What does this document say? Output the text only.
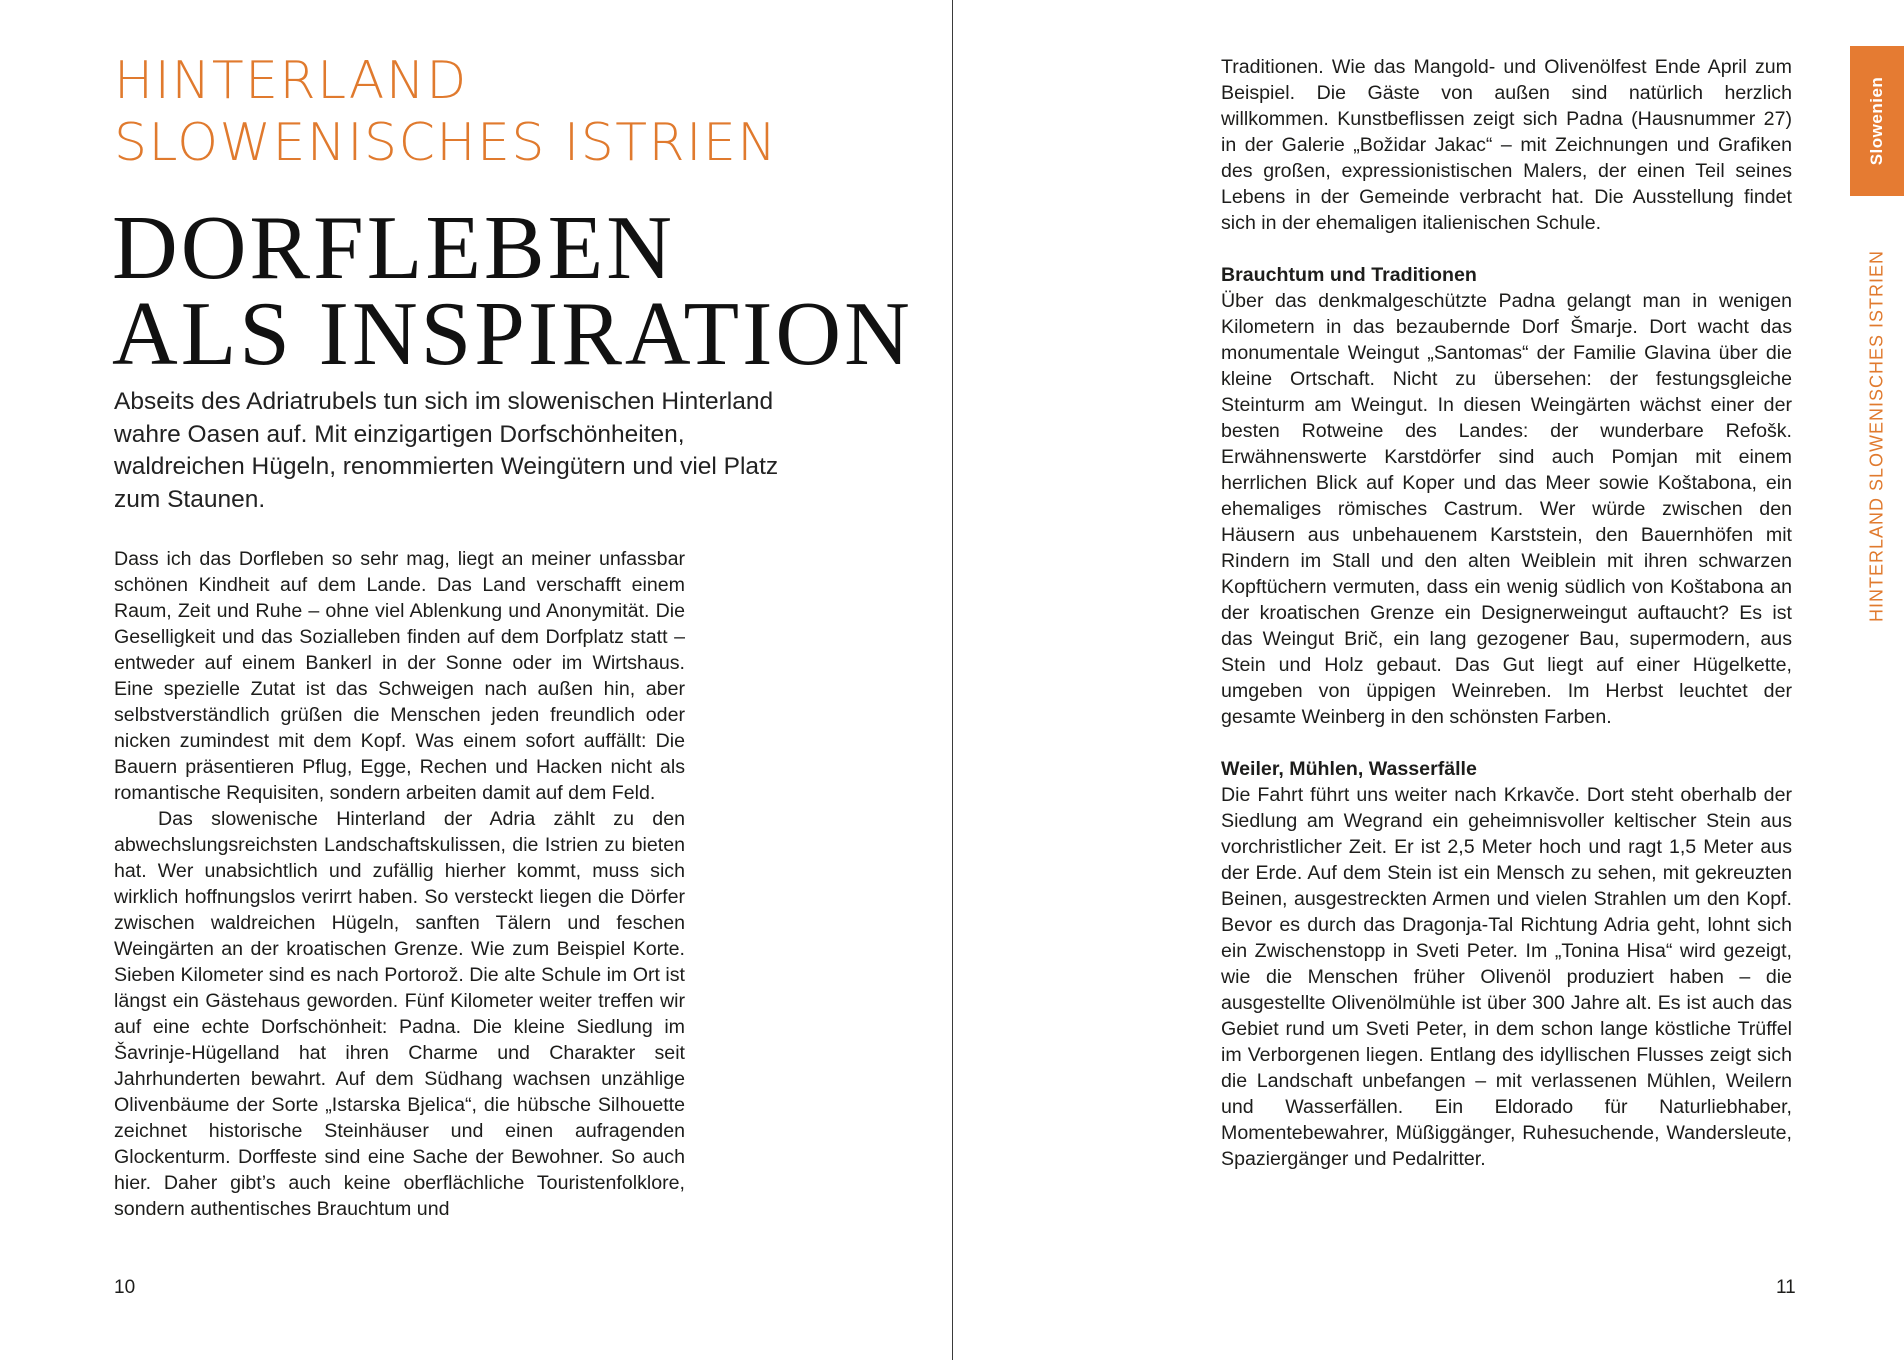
HINTERLAND
SLOWENISCHES ISTRIEN
DORFLEBEN
ALS INSPIRATION

Abseits des Adriatrubels tun sich im slowenischen Hinterland wahre Oasen auf. Mit einzigartigen Dorfschönheiten, waldreichen Hügeln, renommierten Weingütern und viel Platz zum Staunen.

Dass ich das Dorfleben so sehr mag, liegt an meiner unfassbar schönen Kindheit auf dem Lande. Das Land verschafft einem Raum, Zeit und Ruhe – ohne viel Ablenkung und Anonymität. Die Geselligkeit und das Sozialleben finden auf dem Dorfplatz statt – entweder auf einem Bankerl in der Sonne oder im Wirtshaus. Eine spezielle Zutat ist das Schweigen nach außen hin, aber selbstverständlich grüßen die Menschen jeden freundlich oder nicken zumindest mit dem Kopf. Was einem sofort auffällt: Die Bauern präsentieren Pflug, Egge, Rechen und Hacken nicht als romantische Requisiten, sondern arbeiten damit auf dem Feld.

Das slowenische Hinterland der Adria zählt zu den abwechslungsreichsten Landschaftskulissen, die Istrien zu bieten hat. Wer unabsichtlich und zufällig hierher kommt, muss sich wirklich hoffnungslos verirrt haben. So versteckt liegen die Dörfer zwischen waldreichen Hügeln, sanften Tälern und feschen Weingärten an der kroatischen Grenze. Wie zum Beispiel Korte. Sieben Kilometer sind es nach Portorož. Die alte Schule im Ort ist längst ein Gästehaus geworden. Fünf Kilometer weiter treffen wir auf eine echte Dorfschönheit: Padna. Die kleine Siedlung im Šavrinje-Hügelland hat ihren Charme und Charakter seit Jahrhunderten bewahrt. Auf dem Südhang wachsen unzählige Olivenbäume der Sorte „Istarska Bjelica“, die hübsche Silhouette zeichnet historische Steinhäuser und einen aufragenden Glockenturm. Dorffeste sind eine Sache der Bewohner. So auch hier. Daher gibt’s auch keine oberflächliche Touristenfolklore, sondern authentisches Brauchtum und

10

Traditionen. Wie das Mangold- und Olivenölfest Ende April zum Beispiel. Die Gäste von außen sind natürlich herzlich willkommen. Kunstbeflissen zeigt sich Padna (Hausnummer 27) in der Galerie „Božidar Jakac“ – mit Zeichnungen und Grafiken des großen, expressionistischen Malers, der einen Teil seines Lebens in der Gemeinde verbracht hat. Die Ausstellung findet sich in der ehemaligen italienischen Schule.

Brauchtum und Traditionen

Über das denkmalgeschützte Padna gelangt man in wenigen Kilometern in das bezaubernde Dorf Šmarje. Dort wacht das monumentale Weingut „Santomas“ der Familie Glavina über die kleine Ortschaft. Nicht zu übersehen: der festungsgleiche Steinturm am Weingut. In diesen Weingärten wächst einer der besten Rotweine des Landes: der wunderbare Refošk. Erwähnenswerte Karstdörfer sind auch Pomjan mit einem herrlichen Blick auf Koper und das Meer sowie Koštabona, ein ehemaliges römisches Castrum. Wer würde zwischen den Häusern aus unbehauenem Karststein, den Bauernhöfen mit Rindern im Stall und den alten Weiblein mit ihren schwarzen Kopftüchern vermuten, dass ein wenig südlich von Koštabona an der kroatischen Grenze ein Designerweingut auftaucht? Es ist das Weingut Brič, ein lang gezogener Bau, supermodern, aus Stein und Holz gebaut. Das Gut liegt auf einer Hügelkette, umgeben von üppigen Weinreben. Im Herbst leuchtet der gesamte Weinberg in den schönsten Farben.

Weiler, Mühlen, Wasserfälle

Die Fahrt führt uns weiter nach Krkavče. Dort steht oberhalb der Siedlung am Wegrand ein geheimnisvoller keltischer Stein aus vorchristlicher Zeit. Er ist 2,5 Meter hoch und ragt 1,5 Meter aus der Erde. Auf dem Stein ist ein Mensch zu sehen, mit gekreuzten Beinen, ausgestreckten Armen und vielen Strahlen um den Kopf. Bevor es durch das Dragonja-Tal Richtung Adria geht, lohnt sich ein Zwischenstopp in Sveti Peter. Im „Tonina Hisa“ wird gezeigt, wie die Menschen früher Olivenöl produziert haben – die ausgestellte Olivenölmühle ist über 300 Jahre alt. Es ist auch das Gebiet rund um Sveti Peter, in dem schon lange köstliche Trüffel im Verborgenen liegen. Entlang des idyllischen Flusses zeigt sich die Landschaft unbefangen – mit verlassenen Mühlen, Weilern und Wasserfällen. Ein Eldorado für Naturliebhaber, Momentebewahrer, Müßiggänger, Ruhesuchende, Wandersleute, Spaziergänger und Pedalritter.

11
Slowenien
HINTERLAND SLOWENISCHES ISTRIEN
